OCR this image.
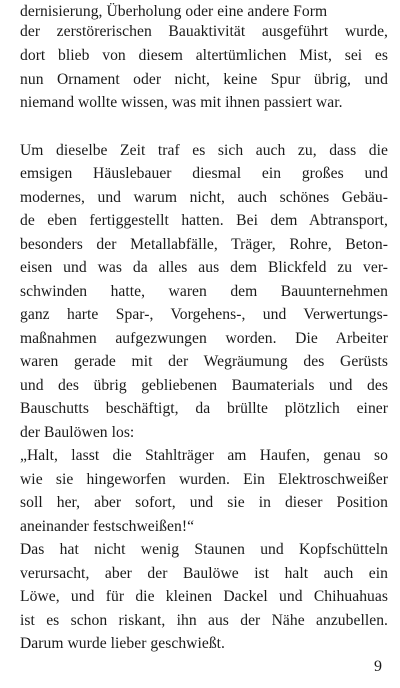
dernisierung, Überholung oder eine andere Form
der zerstörerischen Bauaktivität ausgeführt wurde,
dort blieb von diesem altertümlichen Mist, sei es
nun Ornament oder nicht, keine Spur übrig, und
niemand wollte wissen, was mit ihnen passiert war.
Um dieselbe Zeit traf es sich auch zu, dass die
emsigen Häuslebauer diesmal ein großes und
modernes, und warum nicht, auch schönes Gebäu-
de eben fertiggestellt hatten. Bei dem Abtransport,
besonders der Metallabfälle, Träger, Rohre, Beton-
eisen und was da alles aus dem Blickfeld zu ver-
schwinden hatte, waren dem Bauunternehmen
ganz harte Spar-, Vorgehens-, und Verwertungs-
maßnahmen aufgezwungen worden. Die Arbeiter
waren gerade mit der Wegräumung des Gerüsts
und des übrig gebliebenen Baumaterials und des
Bauschutts beschäftigt, da brüllte plötzlich einer
der Baulöwen los:
„Halt, lasst die Stahlträger am Haufen, genau so
wie sie hingeworfen wurden. Ein Elektroschweißer
soll her, aber sofort, und sie in dieser Position
aneinander festschweißen!“
Das hat nicht wenig Staunen und Kopfschütteln
verursacht, aber der Baulöwe ist halt auch ein
Löwe, und für die kleinen Dackel und Chihuahuas
ist es schon riskant, ihn aus der Nähe anzubellen.
Darum wurde lieber geschwießt.
9
